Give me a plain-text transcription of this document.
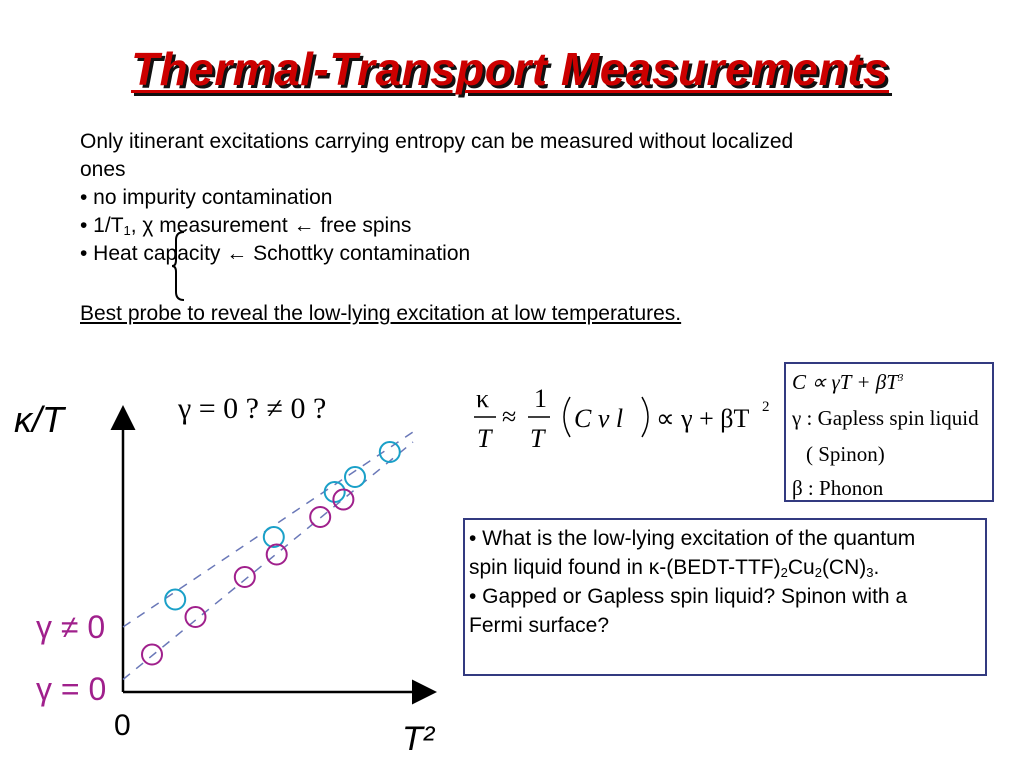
Thermal-Transport Measurements
Only itinerant excitations carrying entropy can be measured without localized
ones
• no impurity contamination
• $1/T_1$, χ measurement ← free spins
• Heat capacity ← Schottky contamination
Best probe to reveal the low-lying excitation at low temperatures.
κ/T
T²
0
γ = 0 ? ≠ 0 ?
γ ≠ 0
γ = 0
κ
T
≈
1
T
C v l ∝ γ + βT 2
$C \propto \gamma T + \beta T^3$
γ : Gapless spin liquid
( Spinon)
β : Phonon
• What is the low-lying excitation of the quantum
spin liquid found in $\kappa-(BEDT-TTF)_2Cu_2(CN)_3$.
• Gapped or Gapless spin liquid? Spinon with a
Fermi surface?
